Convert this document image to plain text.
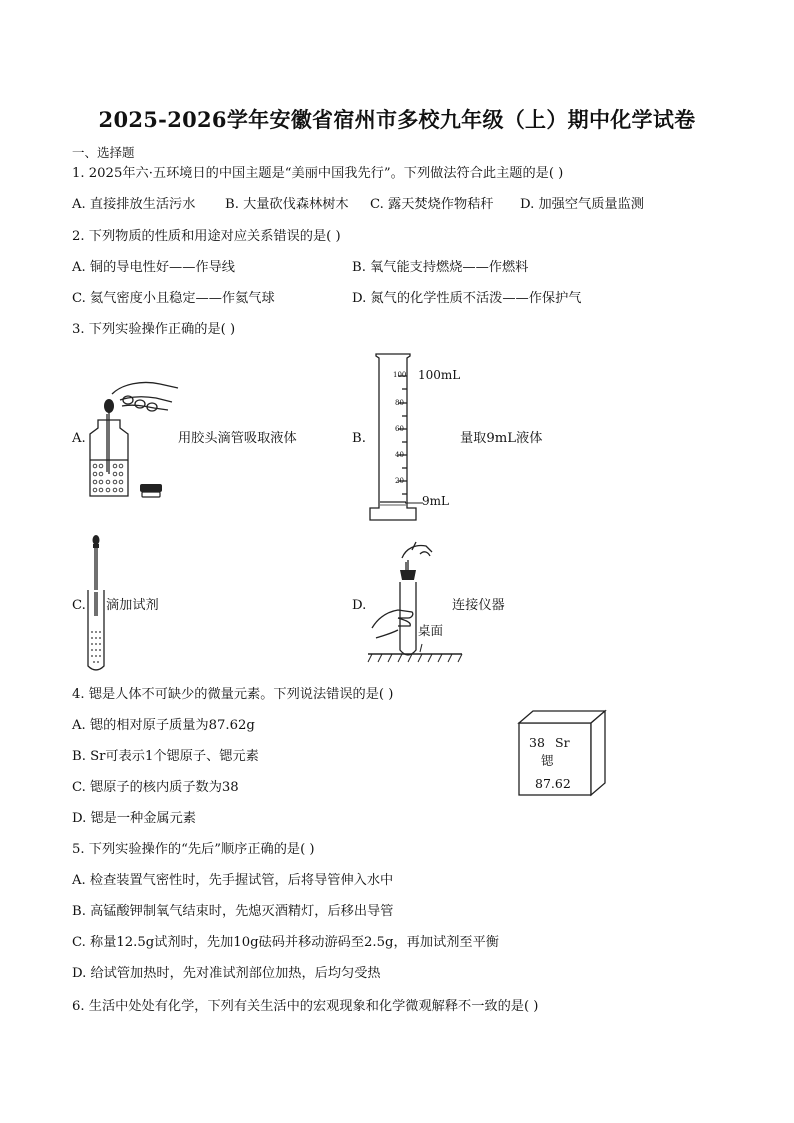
2025-2026学年安徽省宿州市多校九年级（上）期中化学试卷
一、选择题
1. 2025年六·五环境日的中国主题是“美丽中国我先行”。下列做法符合此主题的是( )
A. 直接排放生活污水 B. 大量砍伐森林树木 C. 露天焚烧作物秸秆 D. 加强空气质量监测
2. 下列物质的性质和用途对应关系错误的是( )
A. 铜的导电性好——作导线	B. 氧气能支持燃烧——作燃料
C. 氦气密度小且稳定——作氦气球	D. 氮气的化学性质不活泼——作保护气
3. 下列实验操作正确的是( )
A.	用胶头滴管吸取液体
100
80
60
40
20
100mL
9mL
B.	量取9mL液体
C. 滴加试剂
桌面
D.	连接仪器
4. 锶是人体不可缺少的微量元素。下列说法错误的是( )
A. 锶的相对原子质量为87.62g
B. Sr可表示1个锶原子、锶元素
C. 锶原子的核内质子数为38
D. 锶是一种金属元素
38 Sr
锶
87.62
5. 下列实验操作的“先后”顺序正确的是( )
A. 检查装置气密性时，先手握试管，后将导管伸入水中
B. 高锰酸钾制氧气结束时，先熄灭酒精灯，后移出导管
C. 称量12.5g试剂时，先加10g砝码并移动游码至2.5g，再加试剂至平衡
D. 给试管加热时，先对准试剂部位加热，后均匀受热
6. 生活中处处有化学，下列有关生活中的宏观现象和化学微观解释不一致的是( )
